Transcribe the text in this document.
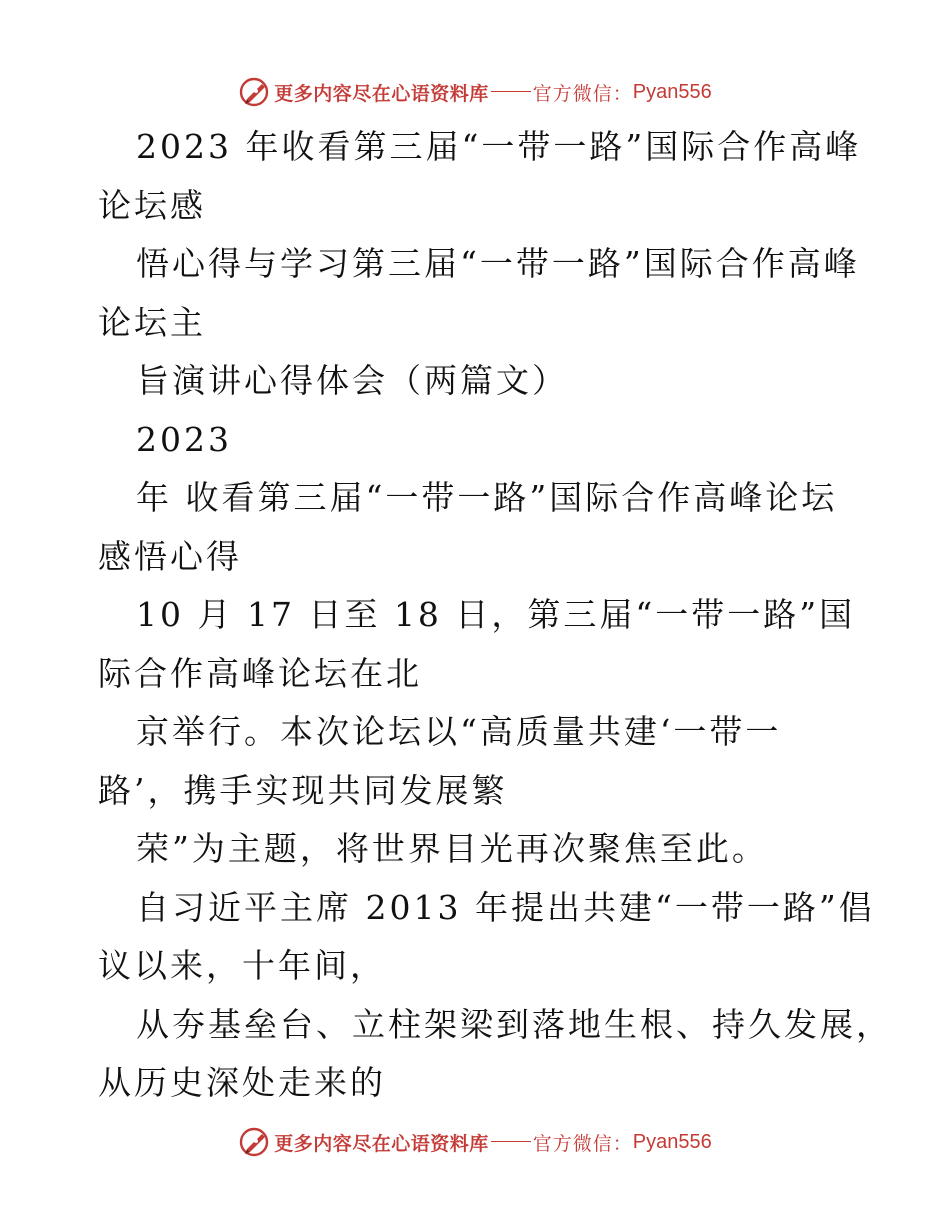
更多内容尽在心语资料库 官方微信： Pyan556
2023 年收看第三届“一带一路”国际合作高峰
论坛感
悟心得与学习第三届“一带一路”国际合作高峰
论坛主
旨演讲心得体会（两篇文）
2023
年 收看第三届“一带一路”国际合作高峰论坛
感悟心得
10 月 17 日至 18 日，第三届“一带一路”国
际合作高峰论坛在北
京举行。本次论坛以“高质量共建‘一带一
路’，携手实现共同发展繁
荣”为主题，将世界目光再次聚焦至此。
自习近平主席 2013 年提出共建“一带一路”倡
议以来，十年间，
从夯基垒台、立柱架梁到落地生根、持久发展，
从历史深处走来的
更多内容尽在心语资料库 官方微信： Pyan556
